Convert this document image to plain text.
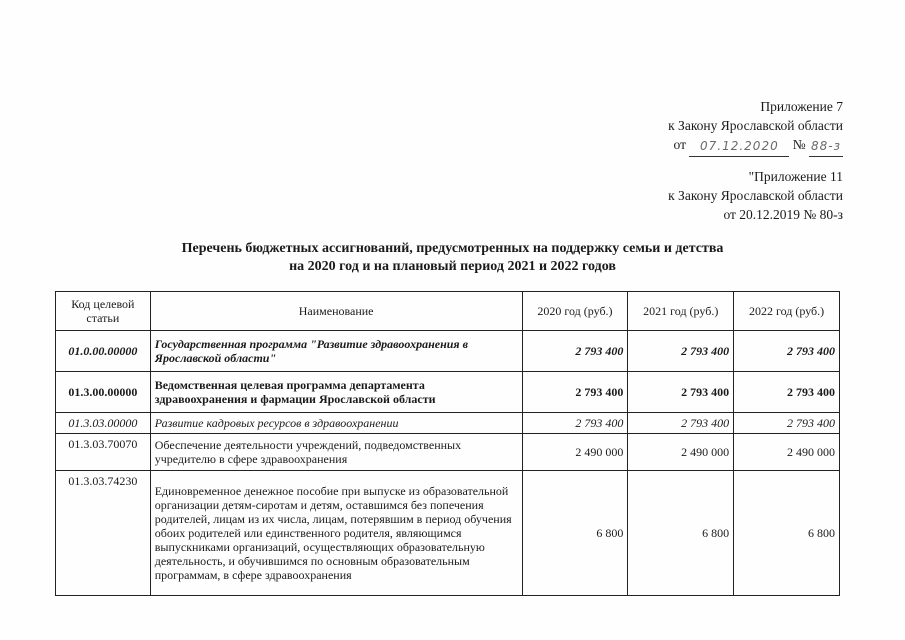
Приложение 7
к Закону Ярославской области
от 07.12.2020 № 88-з
"Приложение 11
к Закону Ярославской области
от 20.12.2019 № 80-з
Перечень бюджетных ассигнований, предусмотренных на поддержку семьи и детства
на 2020 год и на плановый период 2021 и 2022 годов
Код целевой статьи	Наименование	2020 год (руб.)	2021 год (руб.)	2022 год (руб.)
01.0.00.00000	Государственная программа "Развитие здравоохранения в Ярославской области"	2 793 400	2 793 400	2 793 400
01.3.00.00000	Ведомственная целевая программа департамента здравоохранения и фармации Ярославской области	2 793 400	2 793 400	2 793 400
01.3.03.00000	Развитие кадровых ресурсов в здравоохранении	2 793 400	2 793 400	2 793 400
01.3.03.70070	Обеспечение деятельности учреждений, подведомственных учредителю в сфере здравоохранения	2 490 000	2 490 000	2 490 000
01.3.03.74230	Единовременное денежное пособие при выпуске из образовательной организации детям-сиротам и детям, оставшимся без попечения родителей, лицам из их числа, лицам, потерявшим в период обучения обоих родителей или единственного родителя, являющимся выпускниками организаций, осуществляющих образовательную деятельность, и обучившимся по основным образовательным программам, в сфере здравоохранения	6 800	6 800	6 800
